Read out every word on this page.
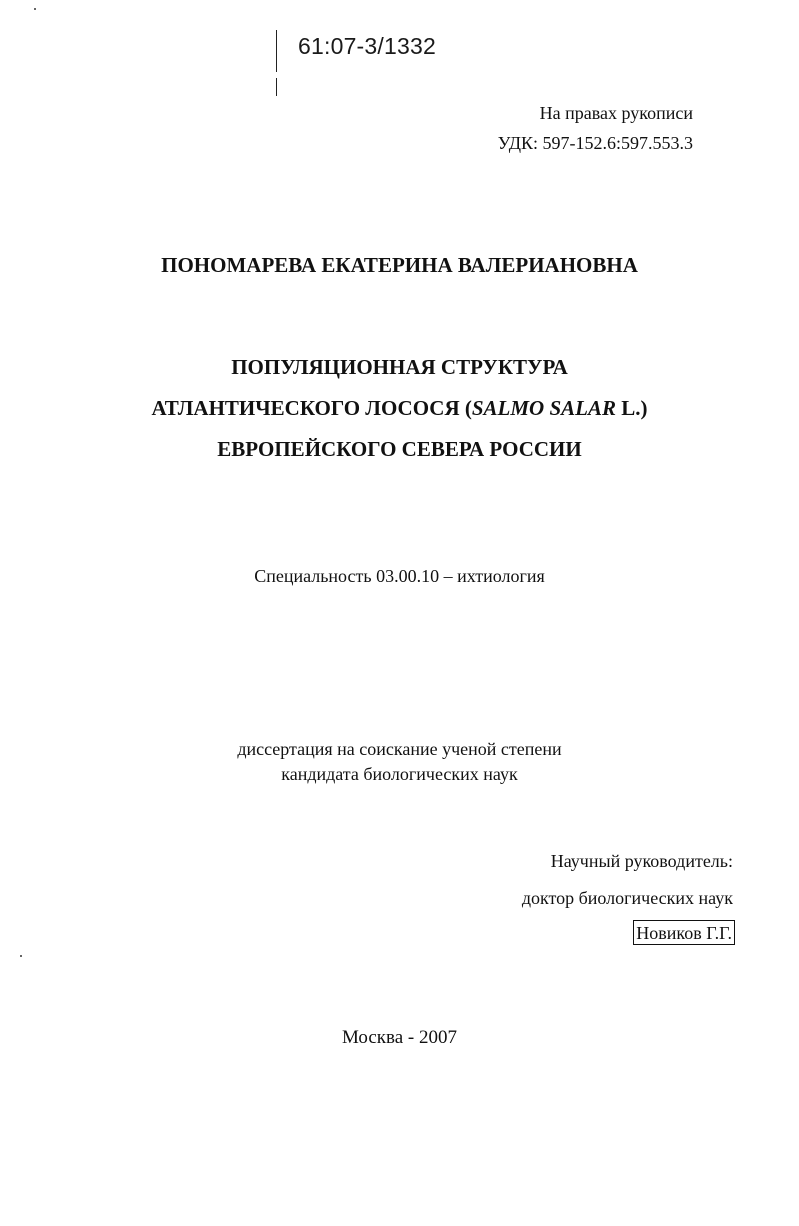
61:07-3/1332
На правах рукописи
УДК: 597-152.6:597.553.3
ПОНОМАРЕВА ЕКАТЕРИНА ВАЛЕРИАНОВНА
ПОПУЛЯЦИОННАЯ СТРУКТУРА
АТЛАНТИЧЕСКОГО ЛОСОСЯ (SALMO SALAR L.)
ЕВРОПЕЙСКОГО СЕВЕРА РОССИИ
Специальность 03.00.10 – ихтиология
диссертация на соискание ученой степени
кандидата биологических наук
Научный руководитель:
доктор биологических наук
Новиков Г.Г.
Москва - 2007
